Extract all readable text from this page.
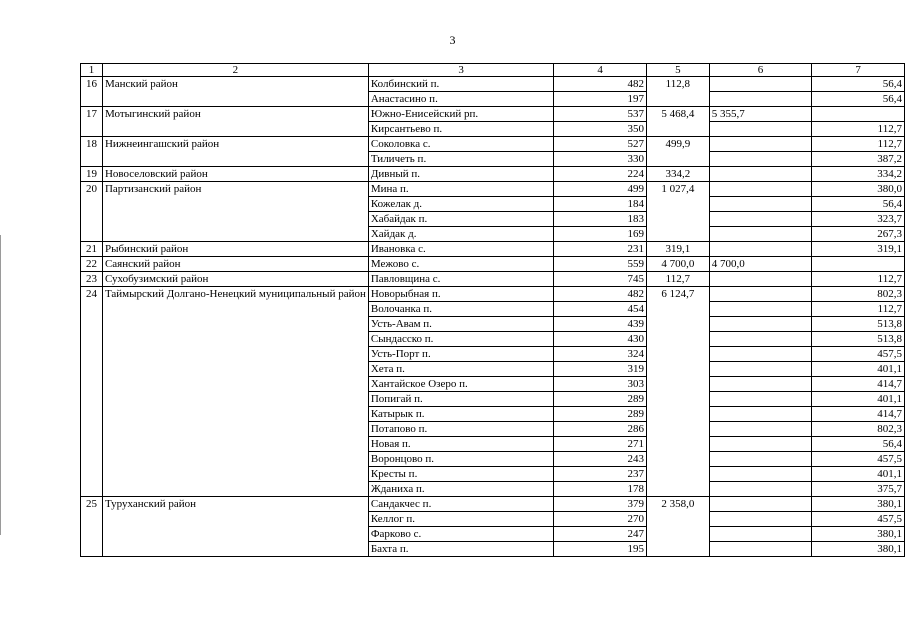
3
1	2	3	4	5	6	7
16	Манский район	Колбинский п.	482	112,8		56,4
		Анастасино п.	197			56,4
17	Мотыгинский район	Южно-Енисейский рп.	537	5 468,4	5 355,7	
		Кирсантьево п.	350			112,7
18	Нижнеингашский район	Соколовка с.	527	499,9		112,7
		Тиличеть п.	330			387,2
19	Новоселовский район	Дивный п.	224	334,2		334,2
20	Партизанский район	Мина п.	499	1 027,4		380,0
		Кожелак д.	184			56,4
		Хабайдак п.	183			323,7
		Хайдак д.	169			267,3
21	Рыбинский район	Ивановка с.	231	319,1		319,1
22	Саянский район	Межово с.	559	4 700,0	4 700,0	
23	Сухобузимский район	Павловщина с.	745	112,7		112,7
24	Таймырский Долгано-Ненецкий муниципальный район	Новорыбная п.	482	6 124,7		802,3
		Волочанка п.	454			112,7
		Усть-Авам п.	439			513,8
		Сындасско п.	430			513,8
		Усть-Порт п.	324			457,5
		Хета п.	319			401,1
		Хантайское Озеро п.	303			414,7
		Попигай п.	289			401,1
		Катырык п.	289			414,7
		Потапово п.	286			802,3
		Новая п.	271			56,4
		Воронцово п.	243			457,5
		Кресты п.	237			401,1
		Жданиха п.	178			375,7
25	Туруханский район	Сандакчес п.	379	2 358,0		380,1
		Келлог п.	270			457,5
		Фарково с.	247			380,1
		Бахта п.	195			380,1
